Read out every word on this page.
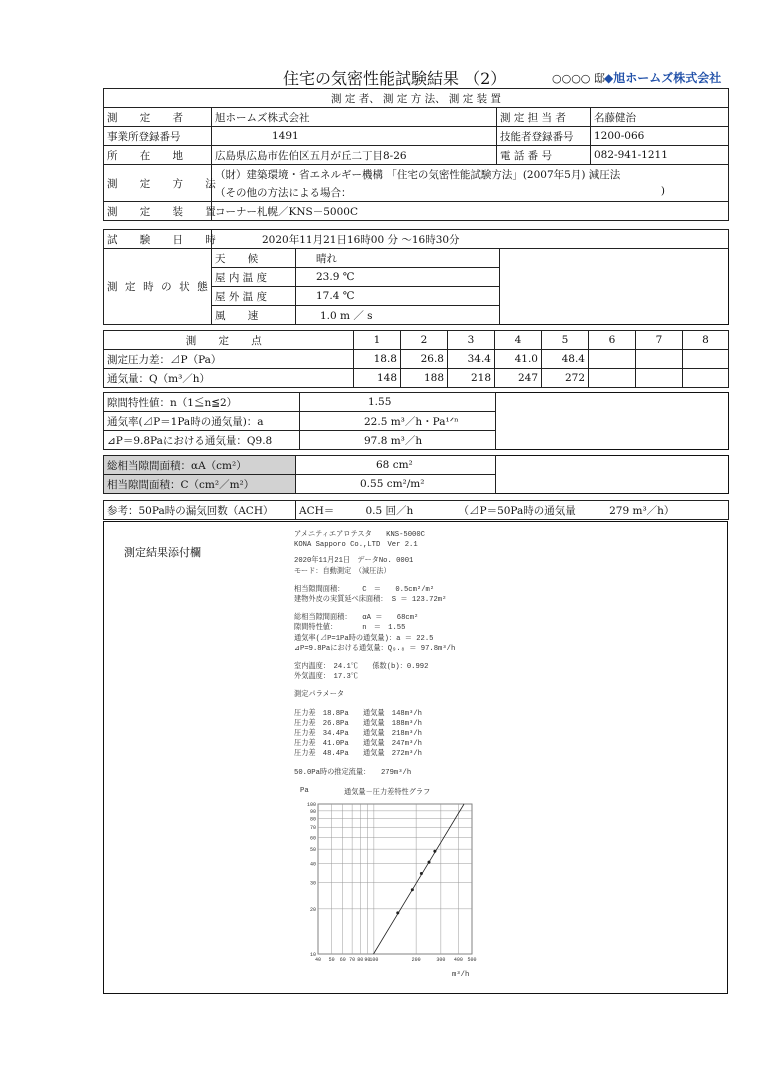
住宅の気密性能試験結果 （2）	○○○○ 邸 ◆旭ホームズ株式会社
測 定 者、 測 定 方 法、 測 定 装 置			
測 定 者	旭ホームズ株式会社	測 定 担 当 者	名藤健治
事業所登録番号	1491	技能者登録番号	1200-066
所 在 地	広島県広島市佐伯区五月が丘二丁目8-26	電 話 番 号	082-941-1211
測 定 方 法	（財）建築環境・省エネルギー機構 「住宅の気密性能試験方法」(2007年5月) 減圧法		
	（その他の方法による場合： )		

測 定 装 置	コーナー札幌／KNS－5000C		
試 験 日 時	2020年11月21日16時00 分 ～16時30分		
測 定 時 の 状 態	天 候	晴れ	
	屋 内 温 度	23.9 ℃	
	屋 外 温 度	17.4 ℃	
	風 速	1.0 m ／ s	
測 定 点	1	2	3	4	5	6	7	8
測定圧力差：⊿P（Pa）	18.8	26.8	34.4	41.0	48.4			
通気量：Q（m³／h）	148	188	218	247	272			
隙間特性値：n（1≦n≦2）	1.55	
通気率(⊿P＝1Pa時の通気量)：a	22.5 m³／h・Pa¹ᐟⁿ	
⊿P＝9.8Paにおける通気量：Q9.8	97.8 m³／h	
総相当隙間面積：αA（cm²）	68 cm²	
相当隙間面積：C（cm²／m²）	0.55 cm²/m²	
参考：50Pa時の漏気回数（ACH）	ACH＝	0.5 回／h	（⊿P＝50Pa時の通気量	279 m³／h）
測定結果添付欄
アメニティエアロテスタ　　KNS-5000C
KONA Sapporo Co.,LTD　Ver 2.1
2020年11月21日　データNo. 0001
モード：自動測定　（減圧法）
相当隙間面積：　　　C　＝　　0.5cm²/m²
建物外皮の実質延べ床面積： S ＝ 123.72m²
総相当隙間面積：　　αA ＝　　68cm²
隙間特性値：　　　　n　＝　1.55
通気率(⊿P=1Pa時の通気量)：a ＝ 22.5
⊿P=9.8Paにおける通気量：Q₉.₈ ＝ 97.8m³/h
室内温度：　24.1℃　　係数(b)：0.992
外気温度：　17.3℃
測定パラメータ
圧力差　18.8Pa　　通気量　148m³/h
圧力差　26.8Pa　　通気量　188m³/h
圧力差　34.4Pa　　通気量　218m³/h
圧力差　41.0Pa　　通気量　247m³/h
圧力差　48.4Pa　　通気量　272m³/h
50.0Pa時の推定流量：　　279m³/h
Pa	通気量－圧力差特性グラフ
100
90
80
70
60
50
40
30
20
10
40 50 60 70 80 90
100	200	300 400 500
m³/h
